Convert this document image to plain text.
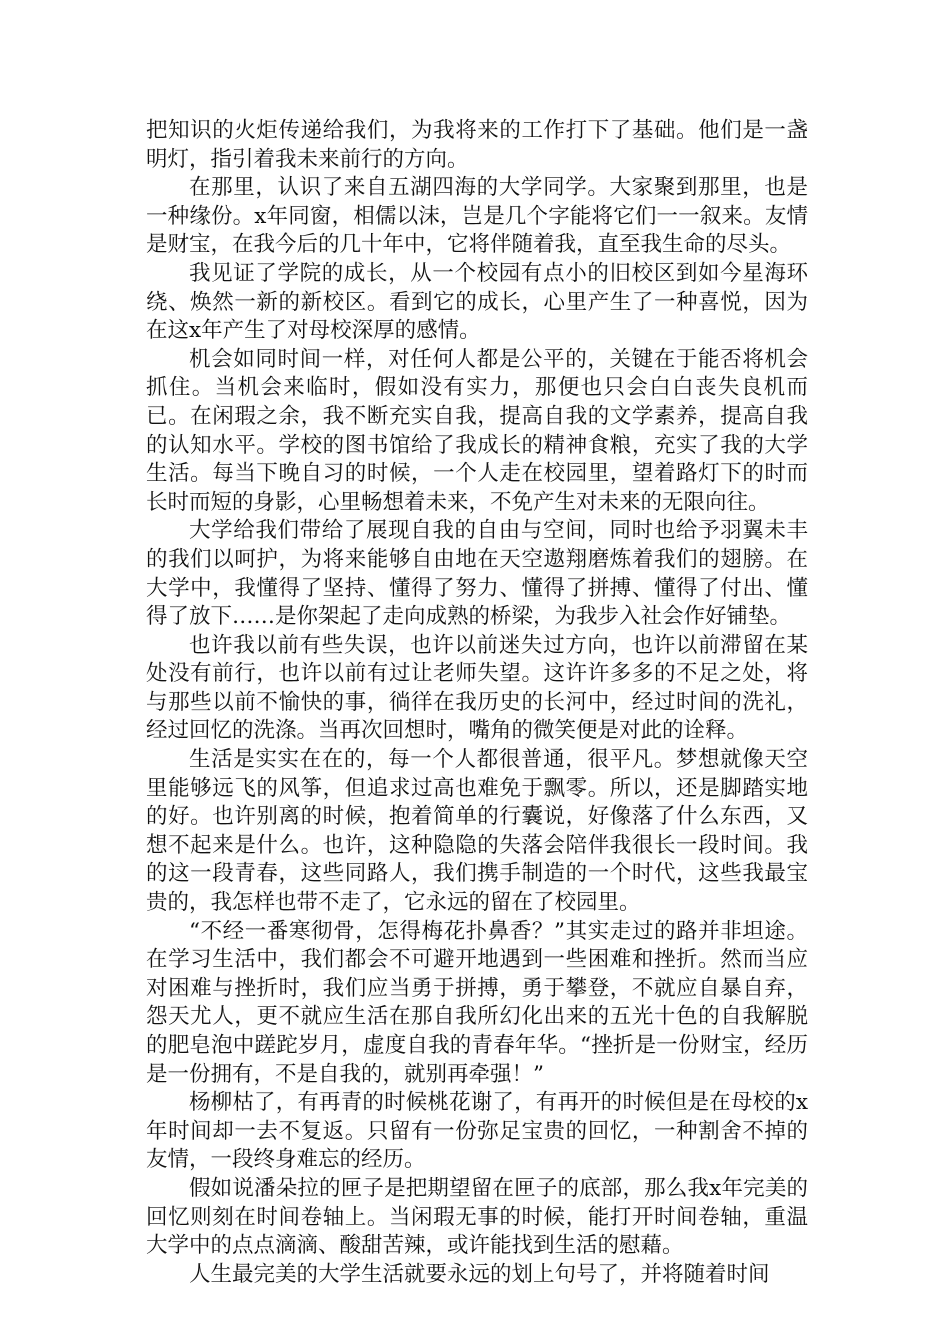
把知识的火炬传递给我们，为我将来的工作打下了基础。他们是一盏明灯，指引着我未来前行的方向。

在那里，认识了来自五湖四海的大学同学。大家聚到那里，也是一种缘份。x年同窗，相儒以沫，岂是几个字能将它们一一叙来。友情是财宝，在我今后的几十年中，它将伴随着我，直至我生命的尽头。

我见证了学院的成长，从一个校园有点小的旧校区到如今星海环绕、焕然一新的新校区。看到它的成长，心里产生了一种喜悦，因为在这x年产生了对母校深厚的感情。

机会如同时间一样，对任何人都是公平的，关键在于能否将机会抓住。当机会来临时，假如没有实力，那便也只会白白丧失良机而已。在闲瑕之余，我不断充实自我，提高自我的文学素养，提高自我的认知水平。学校的图书馆给了我成长的精神食粮，充实了我的大学生活。每当下晚自习的时候，一个人走在校园里，望着路灯下的时而长时而短的身影，心里畅想着未来，不免产生对未来的无限向往。

大学给我们带给了展现自我的自由与空间，同时也给予羽翼未丰的我们以呵护，为将来能够自由地在天空遨翔磨炼着我们的翅膀。在大学中，我懂得了坚持、懂得了努力、懂得了拼搏、懂得了付出、懂得了放下……是你架起了走向成熟的桥梁，为我步入社会作好铺垫。

也许我以前有些失误，也许以前迷失过方向，也许以前滞留在某处没有前行，也许以前有过让老师失望。这许许多多的不足之处，将与那些以前不愉快的事，徜徉在我历史的长河中，经过时间的洗礼，经过回忆的洗涤。当再次回想时，嘴角的微笑便是对此的诠释。

生活是实实在在的，每一个人都很普通，很平凡。梦想就像天空里能够远飞的风筝，但追求过高也难免于飘零。所以，还是脚踏实地的好。也许别离的时候，抱着简单的行囊说，好像落了什么东西，又想不起来是什么。也许，这种隐隐的失落会陪伴我很长一段时间。我的这一段青春，这些同路人，我们携手制造的一个时代，这些我最宝贵的，我怎样也带不走了，它永远的留在了校园里。

“不经一番寒彻骨，怎得梅花扑鼻香？”其实走过的路并非坦途。在学习生活中，我们都会不可避开地遇到一些困难和挫折。然而当应对困难与挫折时，我们应当勇于拼搏，勇于攀登，不就应自暴自弃，怨天尤人，更不就应生活在那自我所幻化出来的五光十色的自我解脱的肥皂泡中蹉跎岁月，虚度自我的青春年华。“挫折是一份财宝，经历是一份拥有，不是自我的，就别再牵强！”

杨柳枯了，有再青的时候桃花谢了，有再开的时候但是在母校的x年时间却一去不复返。只留有一份弥足宝贵的回忆，一种割舍不掉的友情，一段终身难忘的经历。

假如说潘朵拉的匣子是把期望留在匣子的底部，那么我x年完美的回忆则刻在时间卷轴上。当闲瑕无事的时候，能打开时间卷轴，重温大学中的点点滴滴、酸甜苦辣，或许能找到生活的慰藉。

人生最完美的大学生活就要永远的划上句号了，并将随着时间
